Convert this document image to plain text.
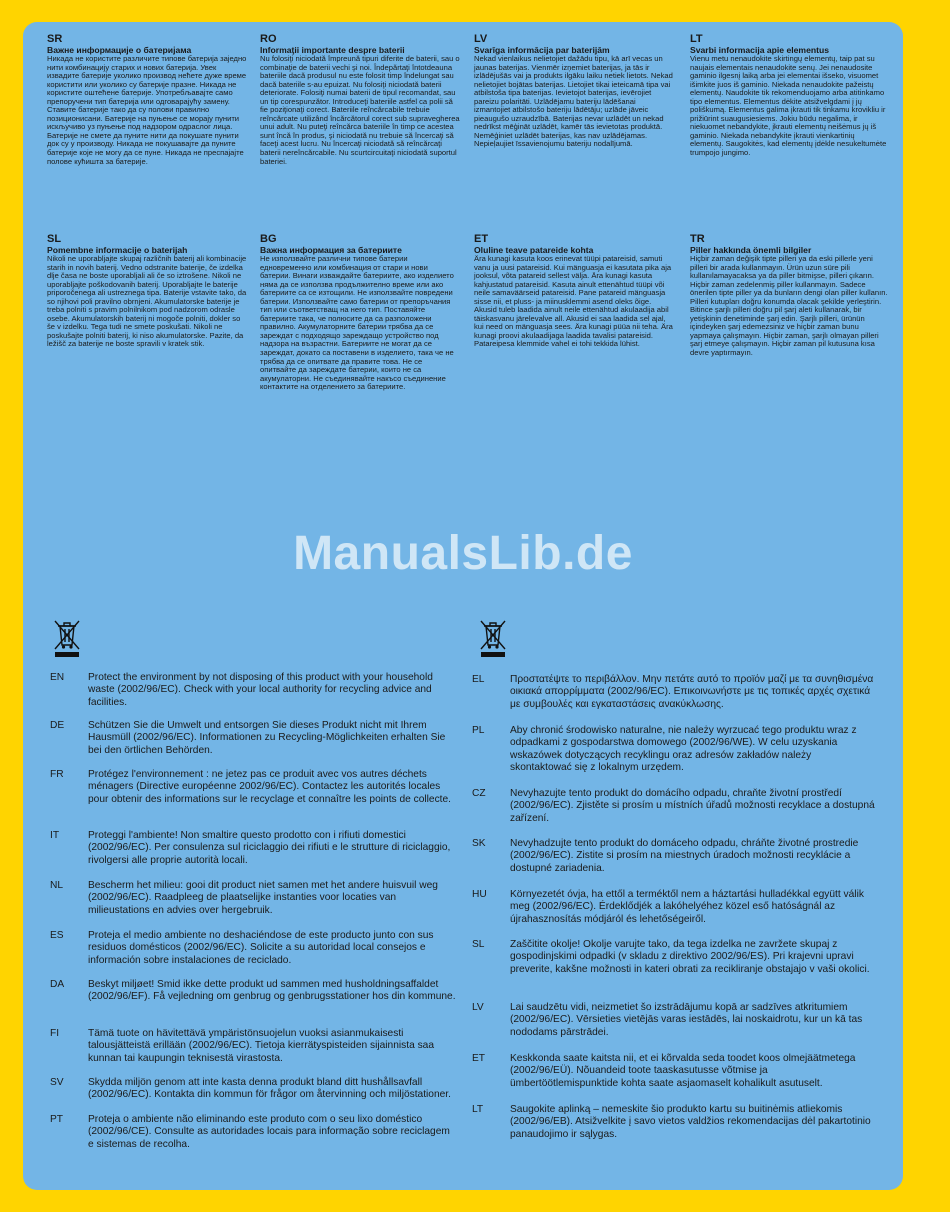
SR
Важне информације о батеријама

Никада не користите различите типове батерија заједно нити комбинацију старих и нових батерија. Увек извадите батерије уколико производ нећете дуже време користити или уколико су батерије празне. Никада не користите оштећене батерије. Употребљавајте само препоручени тип батерија или одговарајућу замену. Ставите батерије тако да су полови правилно позиционисани. Батерије на пуњење се морају пунити искључиво уз пуњење под надзором одраслог лица. Батерије не смете да пуните нити да покушате пунити док су у производу. Никада не покушавајте да пуните батерије које не могу да се пуне. Никада не преспајајте полове кућишта за батерије.

RO
Informaţii importante despre baterii

Nu folosiţi niciodată împreună tipuri diferite de baterii, sau o combinaţie de baterii vechi şi noi. Îndepărtaţi întotdeauna bateriile dacă produsul nu este folosit timp îndelungat sau dacă bateriile s-au epuizat. Nu folosiţi niciodată baterii deteriorate. Folosiţi numai baterii de tipul recomandat, sau un tip corespunzător. Introduceţi bateriile astfel ca polii să fie poziţionaţi corect. Bateriile reîncărcabile trebuie reîncărcate utilizând încărcătorul corect sub supravegherea unui adult. Nu puteţi reîncărca bateriile în timp ce acestea sunt încă în produs, şi niciodată nu trebuie să încercaţi să faceţi acest lucru. Nu încercaţi niciodată să reîncărcaţi baterii nereîncărcabile. Nu scurtcircuitaţi niciodată suportul bateriei.

LV
Svarīga informācija par baterijām

Nekad vienlaikus nelietojiet dažādu tipu, kā arī vecas un jaunas baterijas. Vienmēr izņemiet baterijas, ja tās ir izlādējušās vai ja produkts ilgāku laiku netiek lietots. Nekad nelietojiet bojātas baterijas. Lietojiet tikai ieteicamā tipa vai atbilstoša tipa baterijas. Ievietojot baterijas, ievērojiet pareizu polaritāti. Uzlādējamu bateriju lādēšanai izmantojiet atbilstošo bateriju lādētāju; uzlāde jāveic pieaugušo uzraudzībā. Baterijas nevar uzlādēt un nekad nedrīkst mēģināt uzlādēt, kamēr tās ievietotas produktā. Nemēģiniet uzlādēt baterijas, kas nav uzlādējamas. Nepieļaujiet īssavienojumu bateriju nodalījumā.

LT
Svarbi informacija apie elementus

Vienu metu nenaudokite skirtingų elementų, taip pat su naujais elementais nenaudokite senų. Jei nenaudosite gaminio ilgesnį laiką arba jei elementai išseko, visuomet išimkite juos iš gaminio. Niekada nenaudokite pažeistų elementų. Naudokite tik rekomenduojamo arba atitinkamo tipo elementus. Elementus dėkite atsižvelgdami į jų poliškumą. Elementus galima įkrauti tik tinkamu krovikliu ir prižiūrint suaugusiesiems. Jokiu būdu negalima, ir niekuomet nebandykite, įkrauti elementų neišėmus jų iš gaminio. Niekada nebandykite įkrauti vienkartinių elementų. Saugokitės, kad elementų įdėkle nesukeltumėte trumpojo jungimo.

SL
Pomembne informacije o baterijah

Nikoli ne uporabljajte skupaj različnih baterij ali kombinacije starih in novih baterij. Vedno odstranite baterije, če izdelka dlje časa ne boste uporabljali ali če so iztrošene. Nikoli ne uporabljajte poškodovanih baterij. Uporabljajte le baterije priporočenega ali ustreznega tipa. Baterije vstavite tako, da so njihovi poli pravilno obrnjeni. Akumulatorske baterije je treba polniti s pravim polnilnikom pod nadzorom odrasle osebe. Akumulatorskih baterij ni mogoče polniti, dokler so še v izdelku. Tega tudi ne smete poskušati. Nikoli ne poskušajte polniti baterij, ki niso akumulatorske. Pazite, da ležišč za baterije ne boste spravili v kratek stik.

BG
Важна информация за батериите

Не използвайте различни типове батерии едновременно или комбинация от стари и нови батерии. Винаги изваждайте батериите, ако изделието няма да се използва продължително време или ако батериите са се изтощили. Не използвайте повредени батерии. Използвайте само батерии от препоръчания тип или съответстващ на него тип. Поставяйте батериите така, че полюсите да са разположени правилно. Акумулаторните батерии трябва да се зареждат с подходящо зареждащо устройство под надзора на възрастни. Батериите не могат да се зареждат, докато са поставени в изделието, така че не трябва да се опитвате да правите това. Не се опитвайте да зареждате батерии, които не са акумулаторни. Не съединявайте накъсо съединение контактите на отделението за батериите.

ET
Oluline teave patareide kohta

Ära kunagi kasuta koos erinevat tüüpi patareisid, samuti vanu ja uusi patareisid. Kui mänguasja ei kasutata pika aja jooksul, võta patareid sellest välja. Ära kunagi kasuta kahjustatud patareisid. Kasuta ainult ettenähtud tüüpi või neile samaväärseid patareisid. Pane patareid mänguasja sisse nii, et pluss- ja miinusklemmi asend oleks õige. Akusid tuleb laadida ainult neile ettenähtud akulaadija abil täiskasvanu järelevalve all. Akusid ei saa laadida sel ajal, kui need on mänguasja sees. Ära kunagi püüa nii teha. Ära kunagi proovi akulaadijaga laadida tavalisi patareisid. Patareipesa klemmide vahel ei tohi tekkida lühist.

TR
Piller hakkında önemli bilgiler

Hiçbir zaman değişik tipte pilleri ya da eski pillerle yeni pilleri bir arada kullanmayın. Ürün uzun süre pili kullanılamayacaksa ya da piller bitmişse, pilleri çıkarın. Hiçbir zaman zedelenmiş piller kullanmayın. Sadece önerilen tipte piller ya da bunların dengi olan piller kullanın. Pilleri kutupları doğru konumda olacak şekilde yerleştirin. Bitince şarjlı pilleri doğru pil şarj aleti kullanarak, bir yetişkinin denetiminde şarj edin. Şarjlı pilleri, ürünün içindeyken şarj edemezsiniz ve hiçbir zaman bunu yapmaya çalışmayın. Hiçbir zaman, şarjlı olmayan pilleri şarj etmeye çalışmayın. Hiçbir zaman pil kutusuna kısa devre yaptırmayın.

ManualsLib.de
EN Protect the environment by not disposing of this product with your household waste (2002/96/EC). Check with your local authority for recycling advice and facilities.
DE Schützen Sie die Umwelt und entsorgen Sie dieses Produkt nicht mit Ihrem Hausmüll (2002/96/EC). Informationen zu Recycling-Möglichkeiten erhalten Sie bei den örtlichen Behörden.
FR Protégez l'environnement : ne jetez pas ce produit avec vos autres déchets ménagers (Directive européenne 2002/96/EC). Contactez les autorités locales pour obtenir des informations sur le recyclage et connaître les points de collecte.
IT	Proteggi l'ambiente! Non smaltire questo prodotto con i rifiuti domestici (2002/96/EC). Per consulenza sul riciclaggio dei rifiuti e le strutture di riciclaggio, rivolgersi alle proprie autorità locali.
NL Bescherm het milieu: gooi dit product niet samen met het andere huisvuil weg (2002/96/EC). Raadpleeg de plaatselijke instanties voor locaties van milieustations en advies over hergebruik.
ES Proteja el medio ambiente no deshaciéndose de este producto junto con sus residuos domésticos (2002/96/EC). Solicite a su autoridad local consejos e información sobre instalaciones de reciclado.
DA Beskyt miljøet! Smid ikke dette produkt ud sammen med husholdningsaffaldet (2002/96/EF). Få vejledning om genbrug og genbrugsstationer hos din kommune.
FI	Tämä tuote on hävitettävä ympäristönsuojelun vuoksi asianmukaisesti talousjätteistä erillään (2002/96/EC). Tietoja kierrätyspisteiden sijainnista saa kunnan tai kaupungin teknisestä virastosta.
SV Skydda miljön genom att inte kasta denna produkt bland ditt hushållsavfall (2002/96/EC). Kontakta din kommun för frågor om återvinning och miljöstationer.
PT Proteja o ambiente não eliminando este produto com o seu lixo doméstico (2002/96/CE). Consulte as autoridades locais para informação sobre reciclagem e sistemas de recolha.
EL	Προστατέψτε το περιβάλλον. Μην πετάτε αυτό το προϊόν μαζί με τα συνηθισμένα οικιακά απορρίμματα (2002/96/EC). Επικοινωνήστε με τις τοπικές αρχές σχετικά με συμβουλές και εγκαταστάσεις ανακύκλωσης.
PL	Aby chronić środowisko naturalne, nie należy wyrzucać tego produktu wraz z odpadkami z gospodarstwa domowego (2002/96/WE). W celu uzyskania wskazówek dotyczących recyklingu oraz adresów zakładów należy skontaktować się z lokalnym urzędem.
CZ Nevyhazujte tento produkt do domácího odpadu, chraňte životní prostředí (2002/96/EC). Zjistěte si prosím u místních úřadů možnosti recyklace a dostupná zařízení.
SK Nevyhadzujte tento produkt do domáceho odpadu, chráňte životné prostredie (2002/96/EC). Zistite si prosím na miestnych úradoch možnosti recyklácie a dostupné zariadenia.
HU Környezetét óvja, ha ettől a terméktől nem a háztartási hulladékkal együtt válik meg (2002/96/EC). Érdeklődjék a lakóhelyéhez közel eső hatóságnál az újrahasznosítás módjáról és lehetőségeiről.
SL	Zaščitite okolje! Okolje varujte tako, da tega izdelka ne zavržete skupaj z gospodinjskimi odpadki (v skladu z direktivo 2002/96/ES). Pri krajevni upravi preverite, kakšne možnosti in kateri obrati za recikliranje obstajajo v vaši okolici.
LV	Lai saudzētu vidi, neizmetiet šo izstrādājumu kopā ar sadzīves atkritumiem (2002/96/EC). Vērsieties vietējās varas iestādēs, lai noskaidrotu, kur un kā tas nododams pārstrādei.
ET Keskkonda saate kaitsta nii, et ei kõrvalda seda toodet koos olmejäätmetega (2002/96/EÜ). Nõuandeid toote taaskasutusse võtmise ja ümbertöötlemispunktide kohta saate asjaomaselt kohalikult asutuselt.
LT	Saugokite aplinką – nemeskite šio produkto kartu su buitinėmis atliekomis (2002/96/EB). Atsižvelkite į savo vietos valdžios rekomendacijas dėl pakartotinio panaudojimo ir sąlygas.
